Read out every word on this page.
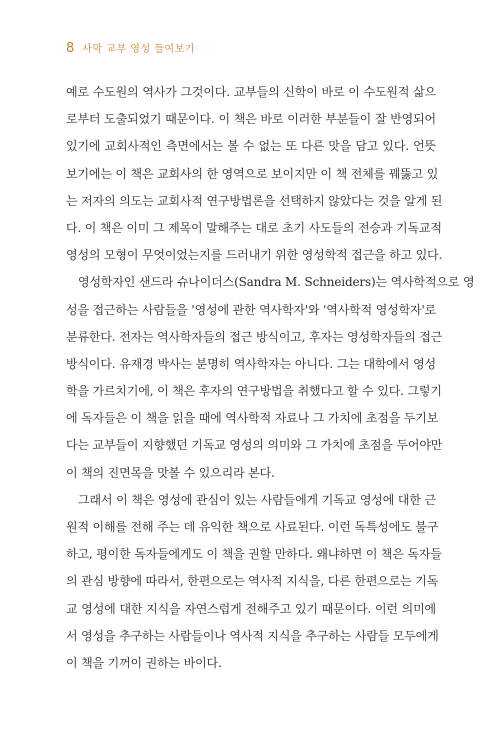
8 사막 교부 영성 들여보기
예로 수도원의 역사가 그것이다. 교부들의 신학이 바로 이 수도원적 삶으
로부터 도출되었기 때문이다. 이 책은 바로 이러한 부분들이 잘 반영되어
있기에 교회사적인 측면에서는 볼 수 없는 또 다른 맛을 담고 있다. 언뜻
보기에는 이 책은 교회사의 한 영역으로 보이지만 이 책 전체를 꿰뚫고 있
는 저자의 의도는 교회사적 연구방법론을 선택하지 않았다는 것을 알게 된
다. 이 책은 이미 그 제목이 말해주는 대로 초기 사도들의 전승과 기독교적
영성의 모형이 무엇이었는지를 드러내기 위한 영성학적 접근을 하고 있다.
영성학자인 샌드라 슈나이더스(Sandra M. Schneiders)는 역사학적으로 영
성을 접근하는 사람들을 '영성에 관한 역사학자'와 '역사학적 영성학자'로
분류한다. 전자는 역사학자들의 접근 방식이고, 후자는 영성학자들의 접근
방식이다. 유재경 박사는 분명히 역사학자는 아니다. 그는 대학에서 영성
학을 가르치기에, 이 책은 후자의 연구방법을 취했다고 할 수 있다. 그렇기
에 독자들은 이 책을 읽을 때에 역사학적 자료나 그 가치에 초점을 두기보
다는 교부들이 지향했던 기독교 영성의 의미와 그 가치에 초점을 두어야만
이 책의 진면목을 맛볼 수 있으리라 본다.
그래서 이 책은 영성에 관심이 있는 사람들에게 기독교 영성에 대한 근
원적 이해를 전해 주는 데 유익한 책으로 사료된다. 이런 독특성에도 불구
하고, 평이한 독자들에게도 이 책을 권할 만하다. 왜냐하면 이 책은 독자들
의 관심 방향에 따라서, 한편으로는 역사적 지식을, 다른 한편으로는 기독
교 영성에 대한 지식을 자연스럽게 전해주고 있기 때문이다. 이런 의미에
서 영성을 추구하는 사람들이나 역사적 지식을 추구하는 사람들 모두에게
이 책을 기꺼이 권하는 바이다.
